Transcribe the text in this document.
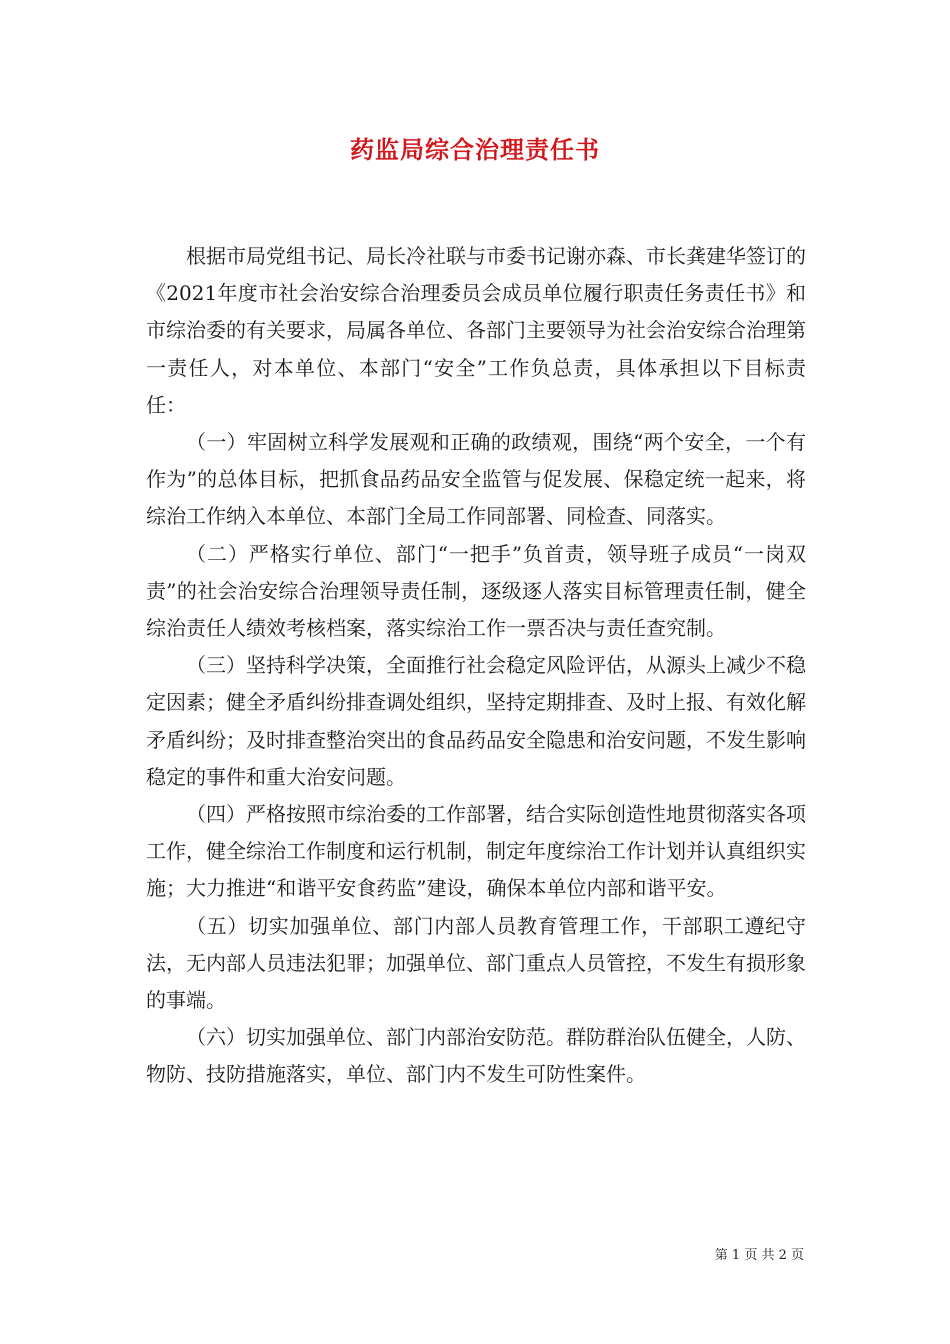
药监局综合治理责任书

根据市局党组书记、局长冷社联与市委书记谢亦森、市长龚建华签订的《2021年度市社会治安综合治理委员会成员单位履行职责任务责任书》和市综治委的有关要求，局属各单位、各部门主要领导为社会治安综合治理第一责任人，对本单位、本部门“安全”工作负总责，具体承担以下目标责任：

（一）牢固树立科学发展观和正确的政绩观，围绕“两个安全，一个有作为”的总体目标，把抓食品药品安全监管与促发展、保稳定统一起来，将综治工作纳入本单位、本部门全局工作同部署、同检查、同落实。

（二）严格实行单位、部门“一把手”负首责，领导班子成员“一岗双责”的社会治安综合治理领导责任制，逐级逐人落实目标管理责任制，健全综治责任人绩效考核档案，落实综治工作一票否决与责任查究制。

（三）坚持科学决策，全面推行社会稳定风险评估，从源头上减少不稳定因素；健全矛盾纠纷排查调处组织，坚持定期排查、及时上报、有效化解矛盾纠纷；及时排查整治突出的食品药品安全隐患和治安问题，不发生影响稳定的事件和重大治安问题。

（四）严格按照市综治委的工作部署，结合实际创造性地贯彻落实各项工作，健全综治工作制度和运行机制，制定年度综治工作计划并认真组织实施；大力推进“和谐平安食药监”建设，确保本单位内部和谐平安。

（五）切实加强单位、部门内部人员教育管理工作，干部职工遵纪守法，无内部人员违法犯罪；加强单位、部门重点人员管控，不发生有损形象的事端。

（六）切实加强单位、部门内部治安防范。群防群治队伍健全，人防、物防、技防措施落实，单位、部门内不发生可防性案件。

第 1 页 共 2 页
